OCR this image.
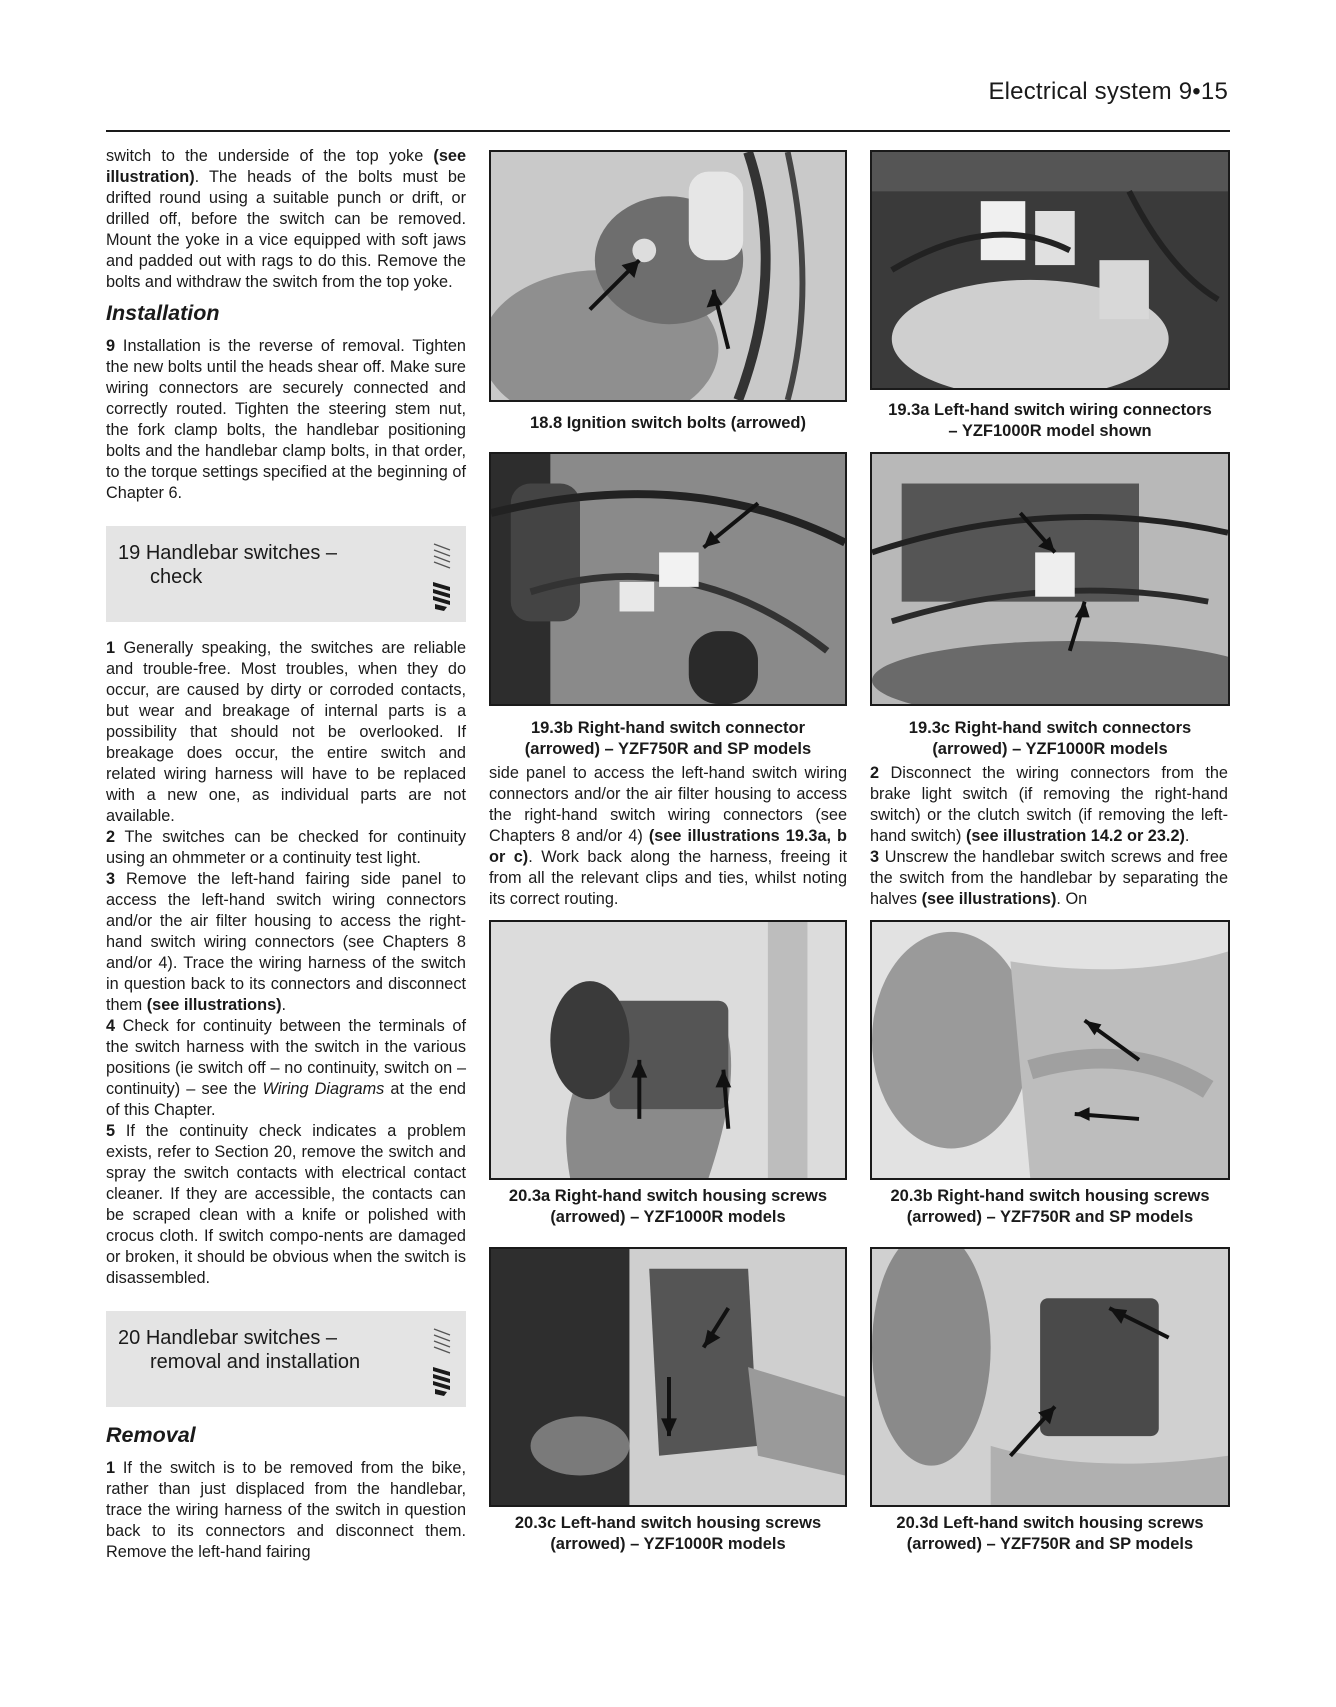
Electrical system 9•15

switch to the underside of the top yoke (see illustration). The heads of the bolts must be drifted round using a suitable punch or drift, or drilled off, before the switch can be removed. Mount the yoke in a vice equipped with soft jaws and padded out with rags to do this. Remove the bolts and withdraw the switch from the top yoke.

Installation

9 Installation is the reverse of removal. Tighten the new bolts until the heads shear off. Make sure wiring connectors are securely connected and correctly routed. Tighten the steering stem nut, the fork clamp bolts, the handlebar positioning bolts and the handlebar clamp bolts, in that order, to the torque settings specified at the beginning of Chapter 6.

19 Handlebar switches –
check

1 Generally speaking, the switches are reliable and trouble-free. Most troubles, when they do occur, are caused by dirty or corroded contacts, but wear and breakage of internal parts is a possibility that should not be overlooked. If breakage does occur, the entire switch and related wiring harness will have to be replaced with a new one, as individual parts are not available.

2 The switches can be checked for continuity using an ohmmeter or a continuity test light.

3 Remove the left-hand fairing side panel to access the left-hand switch wiring connectors and/or the air filter housing to access the right-hand switch wiring connectors (see Chapters 8 and/or 4). Trace the wiring harness of the switch in question back to its connectors and disconnect them (see illustrations).

4 Check for continuity between the terminals of the switch harness with the switch in the various positions (ie switch off – no continuity, switch on – continuity) – see the Wiring Diagrams at the end of this Chapter.

5 If the continuity check indicates a problem exists, refer to Section 20, remove the switch and spray the switch contacts with electrical contact cleaner. If they are accessible, the contacts can be scraped clean with a knife or polished with crocus cloth. If switch compo-nents are damaged or broken, it should be obvious when the switch is disassembled.

20 Handlebar switches –
removal and installation
Removal

1 If the switch is to be removed from the bike, rather than just displaced from the handlebar, trace the wiring harness of the switch in question back to its connectors and disconnect them. Remove the left-hand fairing

side panel to access the left-hand switch wiring connectors and/or the air filter housing to access the right-hand switch wiring connectors (see Chapters 8 and/or 4) (see illustrations 19.3a, b or c). Work back along the harness, freeing it from all the relevant clips and ties, whilst noting its correct routing.

2 Disconnect the wiring connectors from the brake light switch (if removing the right-hand switch) or the clutch switch (if removing the left-hand switch) (see illustration 14.2 or 23.2).

3 Unscrew the handlebar switch screws and free the switch from the handlebar by separating the halves (see illustrations). On

18.8 Ignition switch bolts (arrowed)
19.3a Left-hand switch wiring connectors
– YZF1000R model shown
19.3b Right-hand switch connector
(arrowed) – YZF750R and SP models
19.3c Right-hand switch connectors
(arrowed) – YZF1000R models
20.3a Right-hand switch housing screws
(arrowed) – YZF1000R models
20.3b Right-hand switch housing screws
(arrowed) – YZF750R and SP models
20.3c Left-hand switch housing screws
(arrowed) – YZF1000R models
20.3d Left-hand switch housing screws
(arrowed) – YZF750R and SP models
